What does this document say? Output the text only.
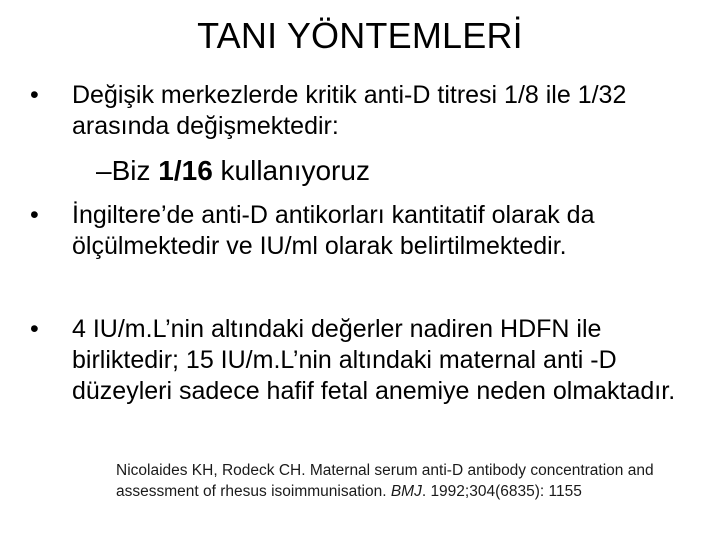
TANI YÖNTEMLERİ
•	Değişik merkezlerde kritik anti-D titresi 1/8 ile 1/32 arasında değişmektedir:
–Biz 1/16 kullanıyoruz
•	İngiltere’de anti-D antikorları kantitatif olarak da ölçülmektedir ve IU/ml olarak belirtilmektedir.
•	4 IU/m.L’nin altındaki değerler nadiren HDFN ile birliktedir; 15 IU/m.L’nin altındaki maternal anti -D düzeyleri sadece hafif fetal anemiye neden olmaktadır.
Nicolaides KH, Rodeck CH. Maternal serum anti-D antibody concentration and assessment of rhesus isoimmunisation. BMJ. 1992;304(6835): 1155
